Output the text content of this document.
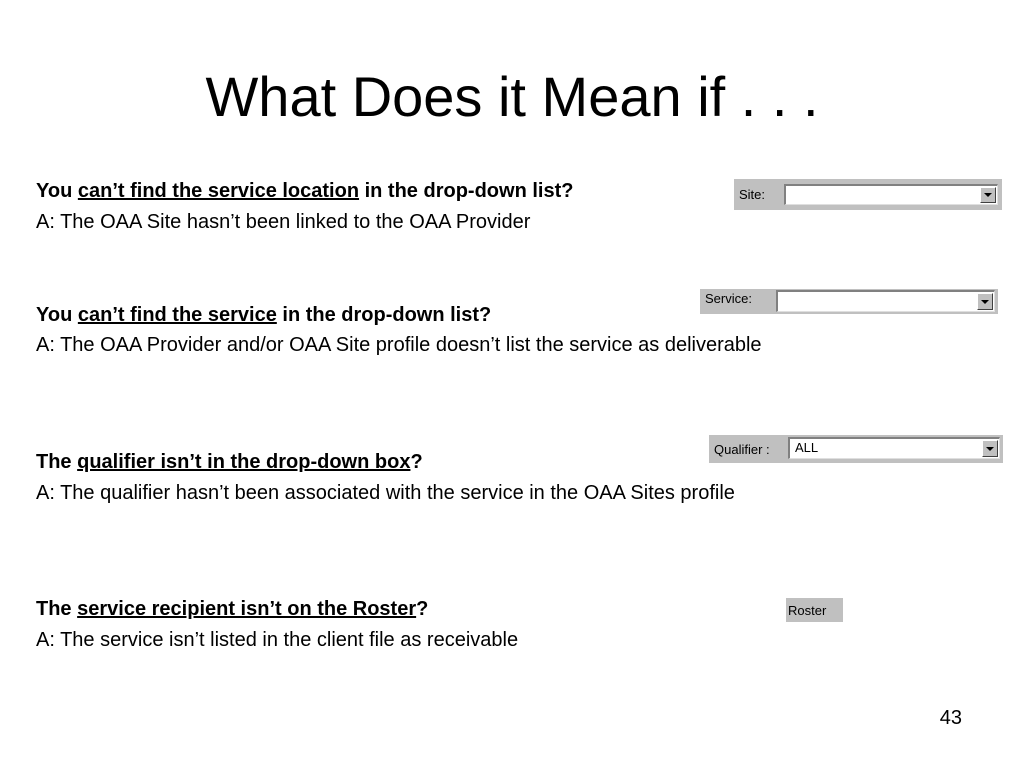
What Does it Mean if . . .
You can’t find the service location in the drop-down list?
A: The OAA Site hasn’t been linked to the OAA Provider
Site:
You can’t find the service in the drop-down list?
A: The OAA Provider and/or OAA Site profile doesn’t list the service as deliverable
Service:
The qualifier isn’t in the drop-down box?
A: The qualifier hasn’t been associated with the service in the OAA Sites profile
Qualifier : ALL
The service recipient isn’t on the Roster?
A: The service isn’t listed in the client file as receivable
Roster
43
